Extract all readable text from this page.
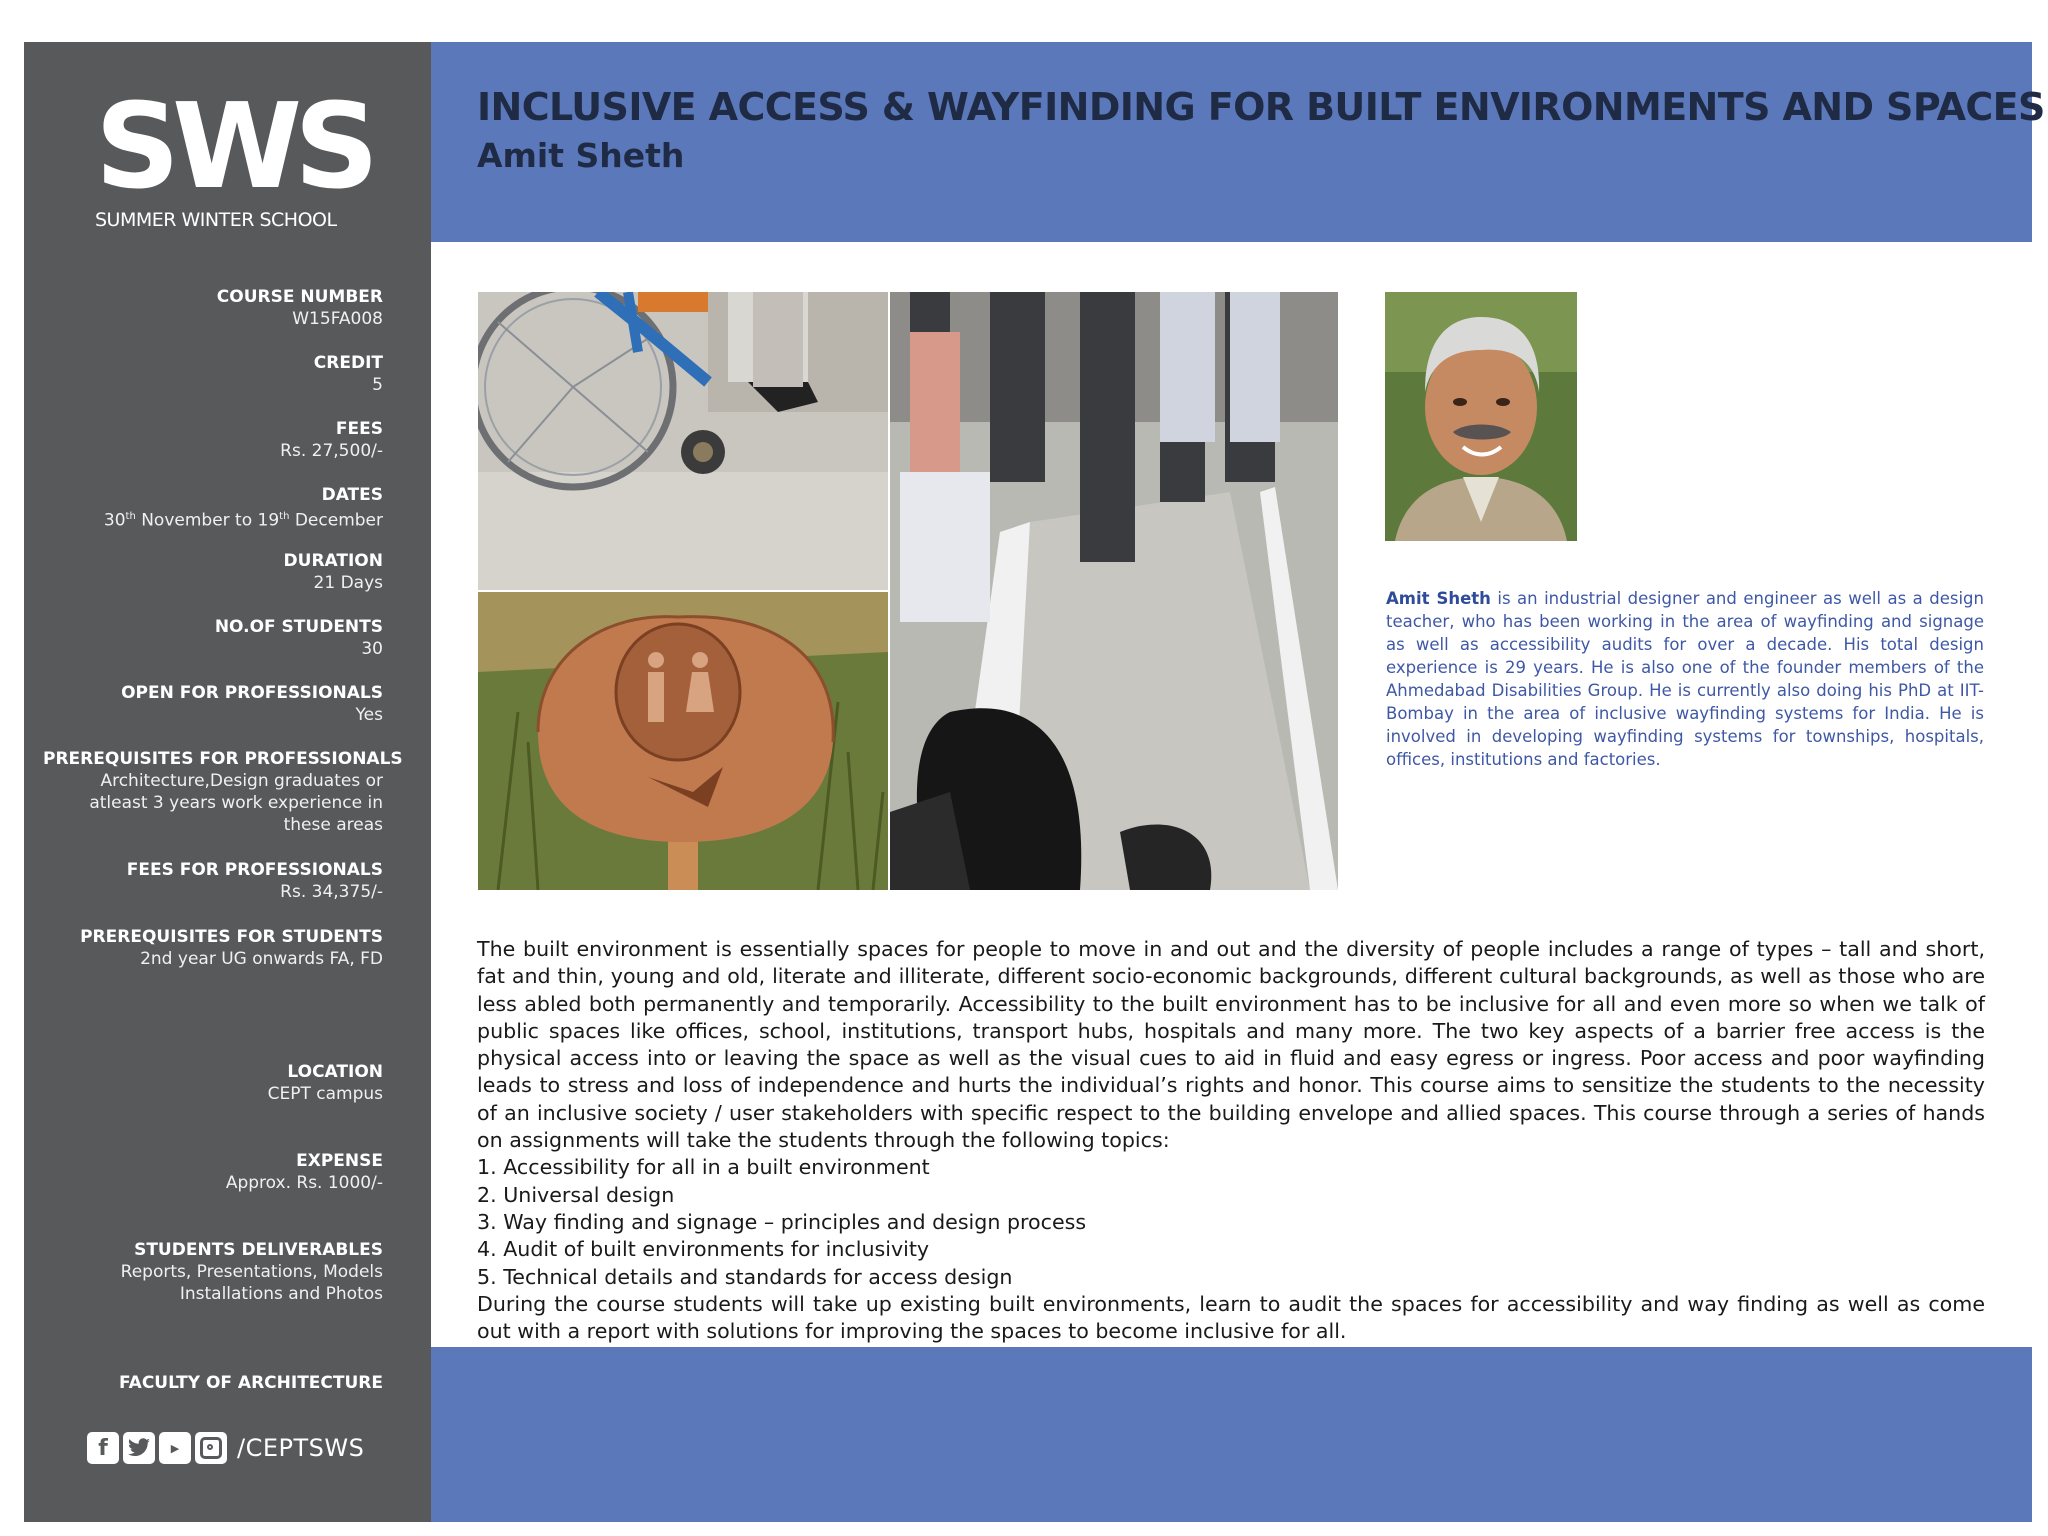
SWS
SUMMER WINTER SCHOOL
COURSE NUMBER
W15FA008
CREDIT
5
FEES
Rs. 27,500/-
DATES
30th November to 19th December
DURATION
21 Days
NO.OF STUDENTS
30
OPEN FOR PROFESSIONALS
Yes
PREREQUISITES FOR PROFESSIONALS
Architecture,Design graduates or
atleast 3 years work experience in
these areas
FEES FOR PROFESSIONALS
Rs. 34,375/-
PREREQUISITES FOR STUDENTS
2nd year UG onwards FA, FD
LOCATION
CEPT campus
EXPENSE
Approx. Rs. 1000/-
STUDENTS DELIVERABLES
Reports, Presentations, Models
Installations and Photos
FACULTY OF ARCHITECTURE
f	▶	/CEPTSWS
INCLUSIVE ACCESS & WAYFINDING FOR BUILT ENVIRONMENTS AND SPACES
Amit Sheth

Amit Sheth is an industrial designer and engineer as well as a design teacher, who has been working in the area of wayfinding and signage as well as accessibility audits for over a decade. His total design experience is 29 years. He is also one of the founder members of the Ahmedabad Disabilities Group. He is currently also doing his PhD at IIT-Bombay in the area of inclusive wayfinding systems for India. He is involved in developing wayfinding systems for townships, hospitals, offices, institutions and factories.

The built environment is essentially spaces for people to move in and out and the diversity of people includes a range of types – tall and short, fat and thin, young and old, literate and illiterate, different socio-economic backgrounds, different cultural backgrounds, as well as those who are less abled both permanently and temporarily. Accessibility to the built environment has to be inclusive for all and even more so when we talk of public spaces like offices, school, institutions, transport hubs, hospitals and many more. The two key aspects of a barrier free access is the physical access into or leaving the space as well as the visual cues to aid in fluid and easy egress or ingress. Poor access and poor wayfinding leads to stress and loss of independence and hurts the individual’s rights and honor. This course aims to sensitize the students to the necessity of an inclusive society / user stakeholders with specific respect to the building envelope and allied spaces. This course through a series of hands on assignments will take the students through the following topics:

1. Accessibility for all in a built environment
2. Universal design
3. Way finding and signage – principles and design process
4. Audit of built environments for inclusivity
5. Technical details and standards for access design

During the course students will take up existing built environments, learn to audit the spaces for accessibility and way finding as well as come out with a report with solutions for improving the spaces to become inclusive for all.
